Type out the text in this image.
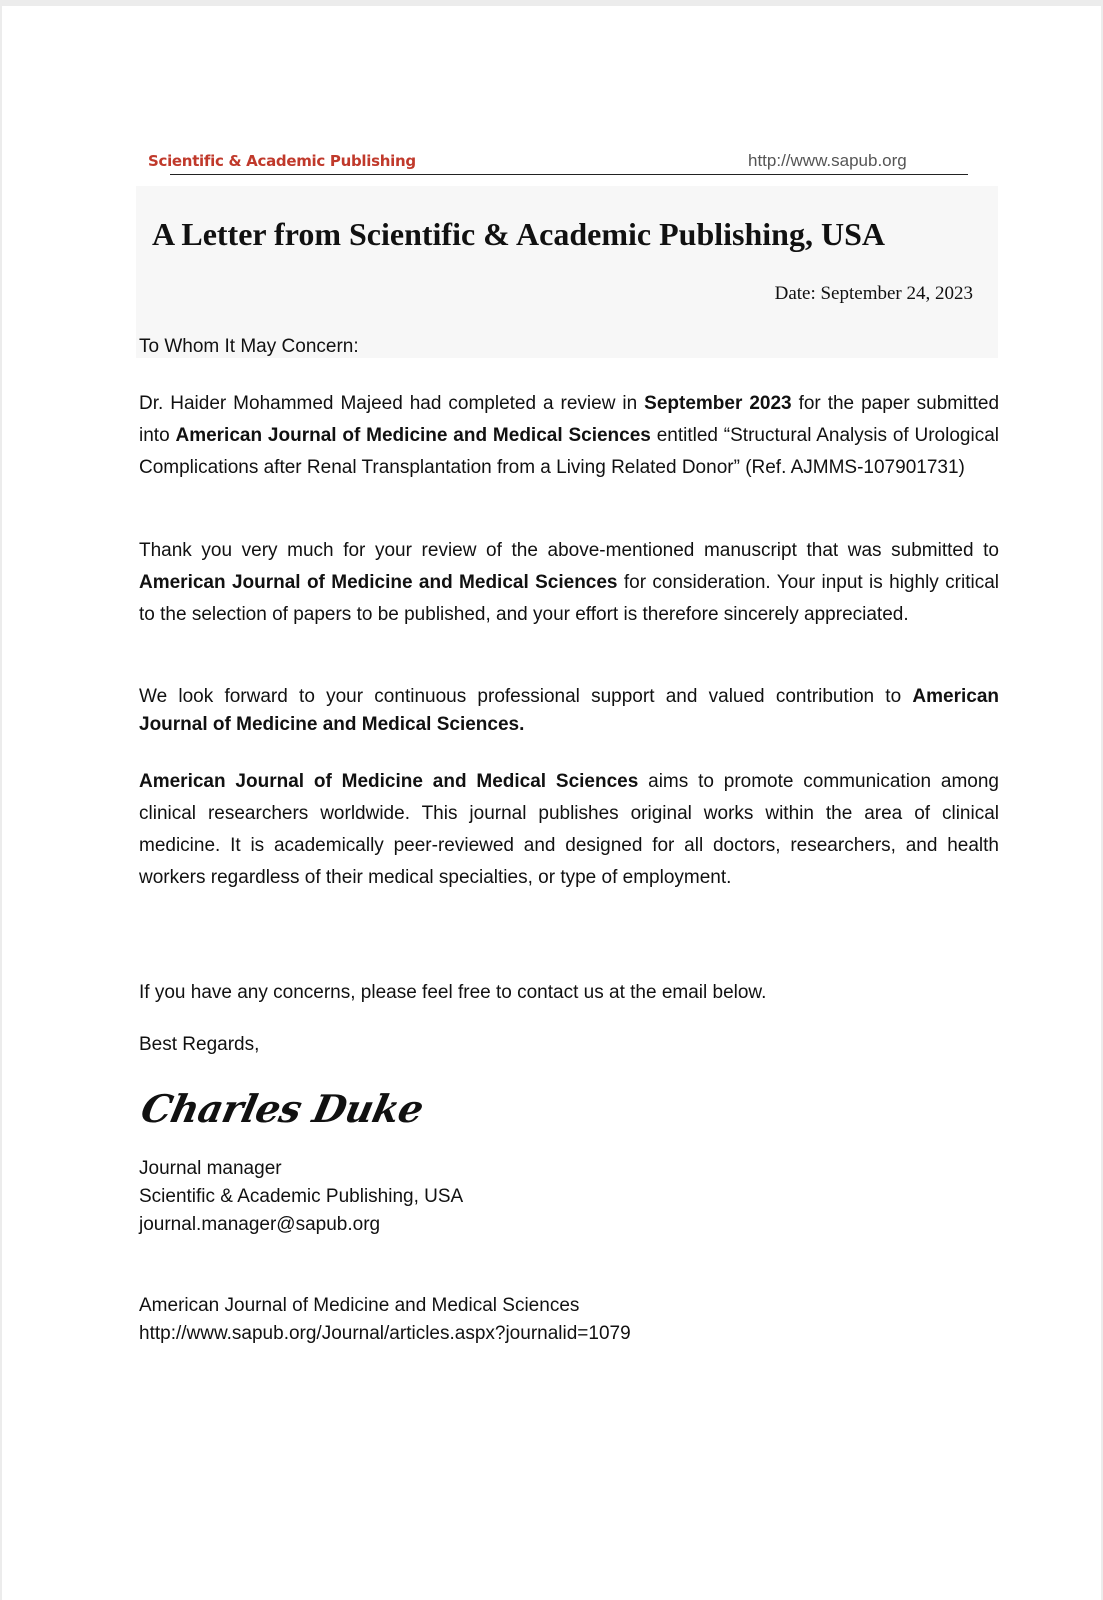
Scientific & Academic Publishing	http://www.sapub.org
A Letter from Scientific & Academic Publishing, USA
Date: September 24, 2023
To Whom It May Concern:
Dr. Haider Mohammed Majeed had completed a review in September 2023 for the paper submitted into American Journal of Medicine and Medical Sciences entitled “Structural Analysis of Urological Complications after Renal Transplantation from a Living Related Donor” (Ref. AJMMS-107901731)
Thank you very much for your review of the above-mentioned manuscript that was submitted to American Journal of Medicine and Medical Sciences for consideration. Your input is highly critical to the selection of papers to be published, and your effort is therefore sincerely appreciated.
We look forward to your continuous professional support and valued contribution to American Journal of Medicine and Medical Sciences.
American Journal of Medicine and Medical Sciences aims to promote communication among clinical researchers worldwide. This journal publishes original works within the area of clinical medicine. It is academically peer-reviewed and designed for all doctors, researchers, and health workers regardless of their medical specialties, or type of employment.
If you have any concerns, please feel free to contact us at the email below.
Best Regards,
Charles Duke
Journal manager
Scientific & Academic Publishing, USA
journal.manager@sapub.org
American Journal of Medicine and Medical Sciences
http://www.sapub.org/Journal/articles.aspx?journalid=1079
